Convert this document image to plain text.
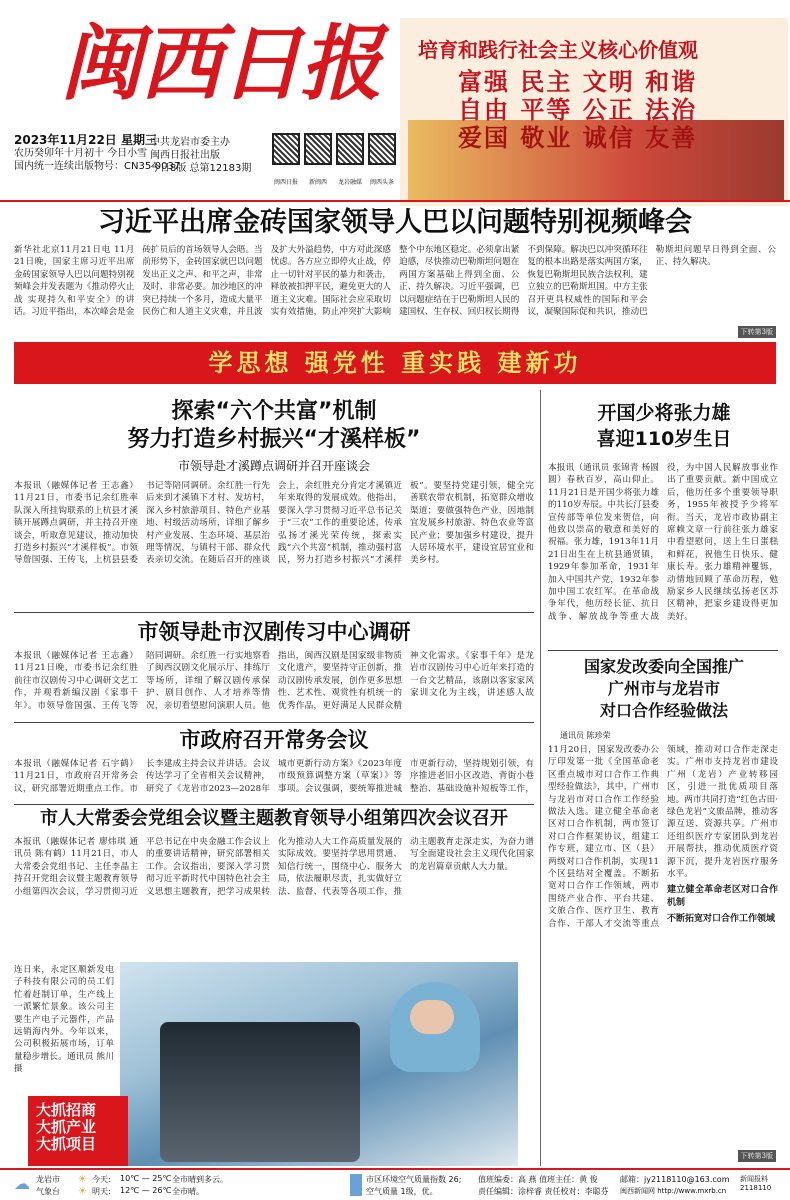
闽西日报	培育和践行社会主义核心价值观
富强 民主 文明 和谐
自由 平等 公正 法治
爱国 敬业 诚信 友善
2023年11月22日 星期三
农历癸卯年十月初十 今日小雪
国内统一连续出版物号：CN35-0037
中共龙岩市委主办
闽西日报社出版
今日8版 总第12183期

闽西日报 新闽西 龙岩融媒 闽西头条
习近平出席金砖国家领导人巴以问题特别视频峰会
新华社北京11月21日电 11月21日晚，国家主席习近平出席金砖国家领导人巴以问题特别视频峰会并发表题为《推动停火止战 实现持久和平安全》的讲话。习近平指出，本次峰会是金砖扩员后的首场领导人会晤。当前形势下，金砖国家就巴以问题发出正义之声、和平之声，非常及时、非常必要。加沙地区的冲突已持续一个多月，造成大量平民伤亡和人道主义灾难，并且波及扩大外溢趋势，中方对此深感忧虑。各方应立即停火止战，停止一切针对平民的暴力和袭击，释放被扣押平民，避免更大的人道主义灾难。国际社会应采取切实有效措施，防止冲突扩大影响整个中东地区稳定。必须拿出紧迫感，尽快推动巴勒斯坦问题在两国方案基础上得到全面、公正、持久解决。习近平强调，巴以问题症结在于巴勒斯坦人民的建国权、生存权、回归权长期得不到保障。解决巴以冲突循环往复的根本出路是落实两国方案，恢复巴勒斯坦民族合法权利，建立独立的巴勒斯坦国。中方主张召开更具权威性的国际和平会议，凝聚国际促和共识，推动巴勒斯坦问题早日得到全面、公正、持久解决。
下转第3版
学思想 强党性 重实践 建新功
探索“六个共富”机制
努力打造乡村振兴“才溪样板”
市领导赴才溪蹲点调研并召开座谈会
本报讯（融媒体记者 王志鑫）11月21日，市委书记余红胜率队深入所挂钩联系的上杭县才溪镇开展蹲点调研，并主持召开座谈会，听取意见建议，推动加快打造乡村振兴“才溪样板”。市领导詹国强、王传飞，上杭县县委书记等陪同调研。余红胜一行先后来到才溪镇下才村、发坊村，深入乡村旅游项目、特色产业基地、村级活动场所，详细了解乡村产业发展、生态环境、基层治理等情况，与镇村干部、群众代表亲切交流。在随后召开的座谈会上，余红胜充分肯定才溪镇近年来取得的发展成效。他指出，要深入学习贯彻习近平总书记关于“三农”工作的重要论述，传承弘扬才溪光荣传统，探索实践“六个共富”机制，推动强村富民，努力打造乡村振兴“才溪样板”。要坚持党建引领，健全完善联农带农机制，拓宽群众增收渠道；要做强特色产业，因地制宜发展乡村旅游、特色农业等富民产业；要加强乡村建设，提升人居环境水平，建设宜居宜业和美乡村。
市领导赴市汉剧传习中心调研
本报讯（融媒体记者 王志鑫）11月21日晚，市委书记余红胜前往市汉剧传习中心调研文艺工作，并观看新编汉剧《家事千年》。市领导詹国强、王传飞等陪同调研。余红胜一行实地察看了闽西汉剧文化展示厅、排练厅等场所，详细了解汉剧传承保护、剧目创作、人才培养等情况，亲切看望慰问演职人员。他指出，闽西汉剧是国家级非物质文化遗产，要坚持守正创新，推动汉剧传承发展，创作更多思想性、艺术性、观赏性有机统一的优秀作品，更好满足人民群众精神文化需求。《家事千年》是龙岩市汉剧传习中心近年来打造的一台文艺精品，该剧以客家家风家训文化为主线，讲述感人故
市政府召开常务会议
本报讯（融媒体记者 石宇鹤）11月21日，市政府召开常务会议，研究部署近期重点工作。市长李建成主持会议并讲话。会议传达学习了全省相关会议精神，研究了《龙岩市2023—2028年城市更新行动方案》《2023年度市级预算调整方案（草案）》等事项。会议强调，要统筹推进城市更新行动，坚持规划引领，有序推进老旧小区改造、背街小巷整治、基础设施补短板等工作，
市人大常委会党组会议暨主题教育领导小组第四次会议召开
本报讯（融媒体记者 廖炜琪 通讯员 陈有鹤）11月21日，市人大常委会党组书记、主任李晶主持召开党组会议暨主题教育领导小组第四次会议，学习贯彻习近平总书记在中央金融工作会议上的重要讲话精神，研究部署相关工作。会议指出，要深入学习贯彻习近平新时代中国特色社会主义思想主题教育，把学习成果转化为推动人大工作高质量发展的实际成效。要坚持学思用贯通、知信行统一，围绕中心、服务大局，依法履职尽责，扎实做好立法、监督、代表等各项工作，推动主题教育走深走实，为奋力谱写全面建设社会主义现代化国家的龙岩篇章贡献人大力量。
连日来，永定区顺新发电子科技有限公司的员工们忙着赶制订单，生产线上一派繁忙景象。该公司主要生产电子元器件，产品远销海内外。今年以来，公司积极拓展市场，订单量稳步增长。通讯员 熊川 摄
大抓招商
大抓产业
大抓项目
开国少将张力雄
喜迎110岁生日
本报讯（通讯员 张锦青 杨圆圆）春秋百岁，高山仰止。11月21日是开国少将张力雄的110岁寿辰。中共长汀县委宣传部等单位发来贺信，向他致以崇高的敬意和美好的祝福。张力雄，1913年11月21日出生在上杭县通贤镇，1929年参加革命，1931年加入中国共产党，1932年参加中国工农红军。在革命战争年代，他历经长征、抗日战争、解放战争等重大战役，为中国人民解放事业作出了重要贡献。新中国成立后，他历任多个重要领导职务，1955年被授予少将军衔。当天，龙岩市政协副主席赖文章一行前往张力雄家中看望慰问，送上生日蛋糕和鲜花，祝他生日快乐、健康长寿。张力雄精神矍铄，动情地回顾了革命历程，勉励家乡人民继续弘扬老区苏区精神，把家乡建设得更加美好。
国家发改委向全国推广
广州市与龙岩市
对口合作经验做法
通讯员 陈珍荣
11月20日，国家发改委办公厅印发第一批《全国革命老区重点城市对口合作工作典型经验做法》，其中，广州市与龙岩市对口合作工作经验做法入选。建立健全革命老区对口合作机制，两市签订对口合作框架协议，组建工作专班，建立市、区（县）两级对口合作机制，实现11个区县结对全覆盖。不断拓宽对口合作工作领域，两市围绕产业合作、平台共建、文旅合作、医疗卫生、教育合作、干部人才交流等重点领域，推动对口合作走深走实。广州市支持龙岩市建设广州（龙岩）产业转移园区，引进一批优质项目落地。两市共同打造“红色古田·绿色龙岩”文旅品牌，推动客源互送、资源共享。广州市还组织医疗专家团队到龙岩开展帮扶，推动优质医疗资源下沉，提升龙岩医疗服务水平。
建立健全革命老区对口合作机制
不断拓宽对口合作工作领域
下转第3版
☁ 龙岩市
气象台
☀ 今天: 10℃ — 25℃ 全市晴到多云。
☀ 明天: 12℃ — 26℃ 全市晴。
市区环境空气质量指数 26;
空气质量 1级，优。
值班编委：高 燕 值班主任：黄 俊
责任编辑：涂梓睿 责任校对：李聪芬
邮箱：jy2118110@163.com
闽西新闻网 http://www.mxrb.cn
新闻报料 2118110
